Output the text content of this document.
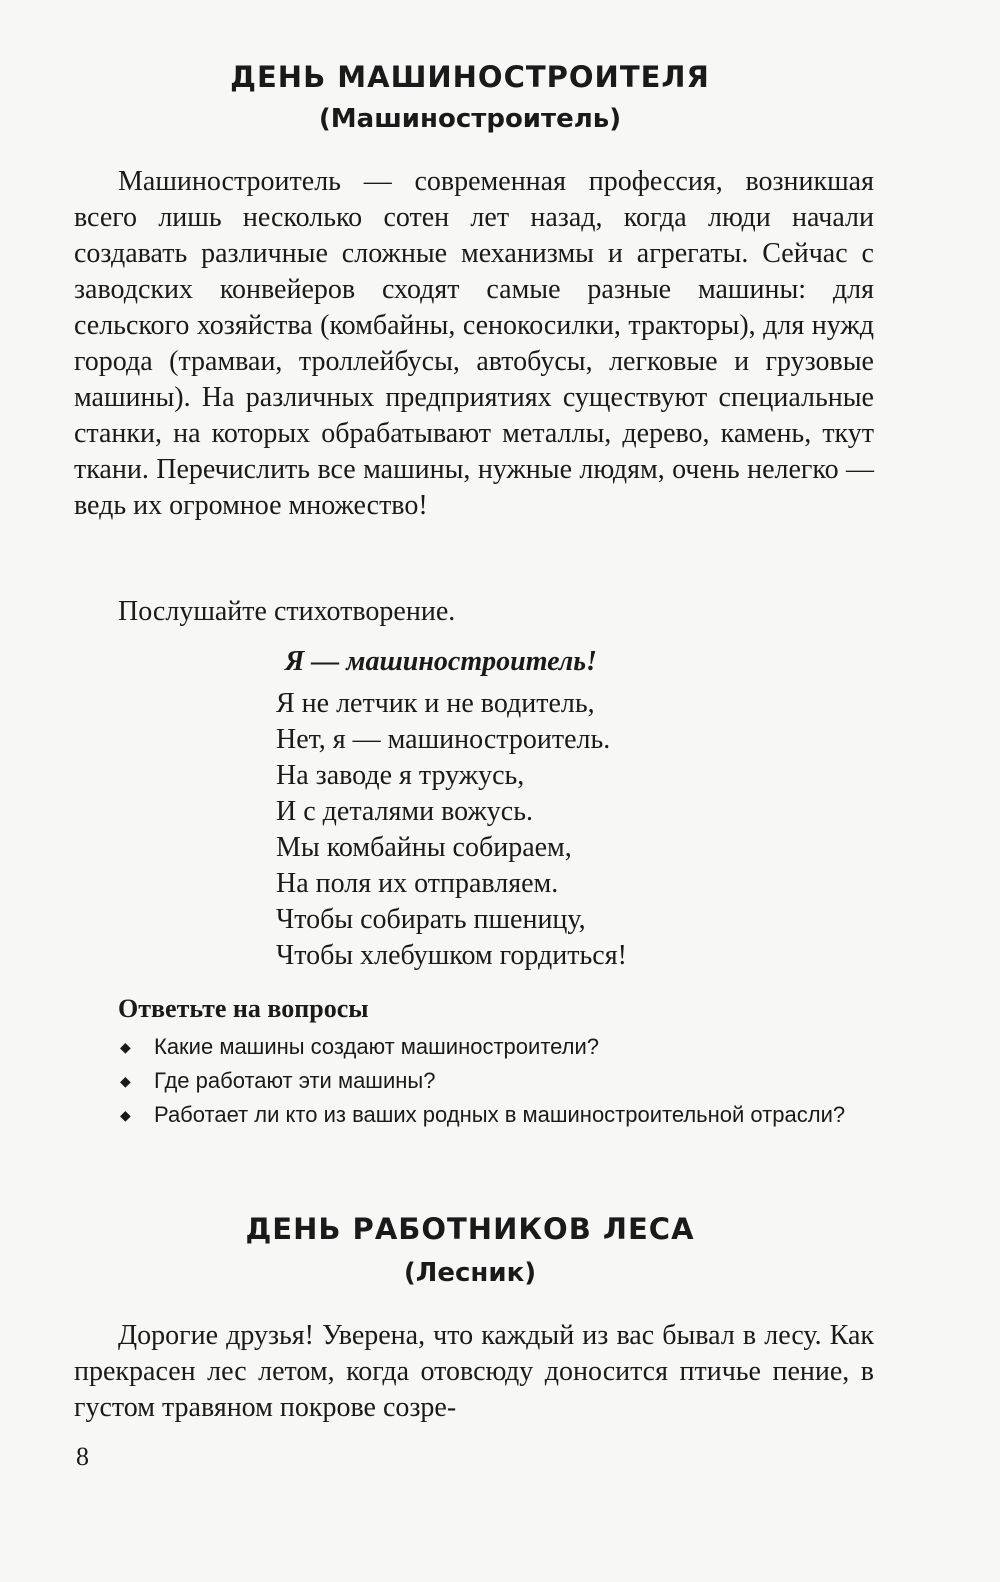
ДЕНЬ МАШИНОСТРОИТЕЛЯ
(Машиностроитель)

Машиностроитель — современная профессия, возникшая всего лишь несколько сотен лет назад, когда люди начали создавать различные сложные механизмы и агрегаты. Сейчас с заводских конвейеров сходят самые разные машины: для сельского хозяйства (комбайны, сенокосилки, тракторы), для нужд города (трамваи, троллейбусы, автобусы, легковые и грузовые машины). На различных предприятиях существуют специальные станки, на которых обрабатывают металлы, дерево, камень, ткут ткани. Перечислить все машины, нужные людям, очень нелегко — ведь их огромное множество!

Послушайте стихотворение.

Я — машиностроитель!

Я не летчик и не водитель,
Нет, я — машиностроитель.
На заводе я тружусь,
И с деталями вожусь.
Мы комбайны собираем,
На поля их отправляем.
Чтобы собирать пшеницу,
Чтобы хлебушком гордиться!

Ответьте на вопросы

◆ Какие машины создают машиностроители?
◆ Где работают эти машины?
◆ Работает ли кто из ваших родных в машиностроительной отрасли?
ДЕНЬ РАБОТНИКОВ ЛЕСА
(Лесник)

Дорогие друзья! Уверена, что каждый из вас бывал в лесу. Как прекрасен лес летом, когда отовсюду доносится птичье пение, в густом травяном покрове созре-

8
